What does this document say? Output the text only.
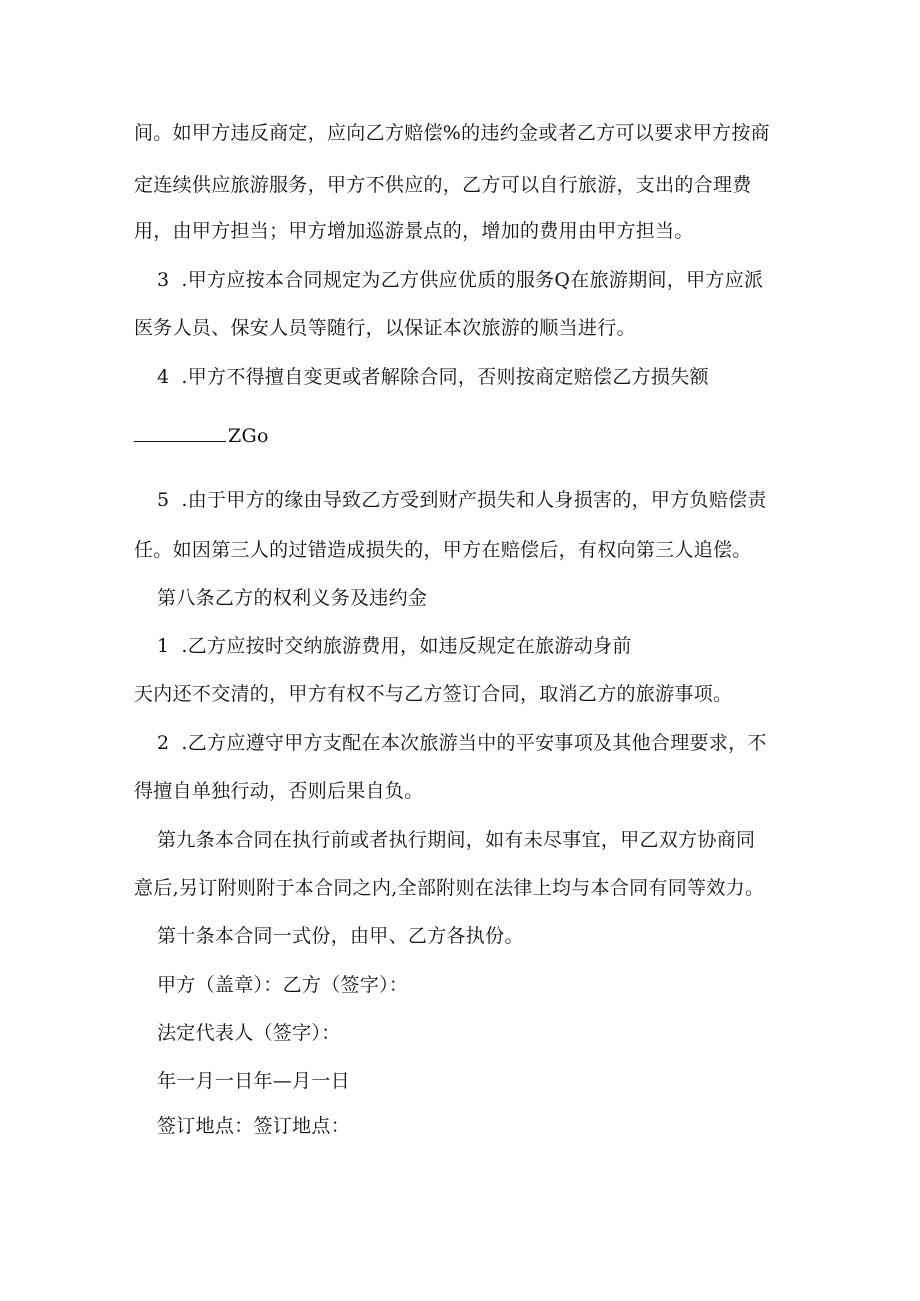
间。如甲方违反商定，应向乙方赔偿%的违约金或者乙方可以要求甲方按商
定连续供应旅游服务，甲方不供应的，乙方可以自行旅游，支出的合理费
用，由甲方担当；甲方增加巡游景点的，增加的费用由甲方担当。
3 .甲方应按本合同规定为乙方供应优质的服务Q在旅游期间，甲方应派
医务人员、保安人员等随行，以保证本次旅游的顺当进行。
4 .甲方不得擅自变更或者解除合同，否则按商定赔偿乙方损失额
ZGo
5 .由于甲方的缘由导致乙方受到财产损失和人身损害的，甲方负赔偿责
任。如因第三人的过错造成损失的，甲方在赔偿后，有权向第三人追偿。
第八条乙方的权利义务及违约金
1 .乙方应按时交纳旅游费用，如违反规定在旅游动身前
天内还不交清的，甲方有权不与乙方签订合同，取消乙方的旅游事项。
2 .乙方应遵守甲方支配在本次旅游当中的平安事项及其他合理要求，不
得擅自单独行动，否则后果自负。
第九条本合同在执行前或者执行期间，如有未尽事宜，甲乙双方协商同
意后,另订附则附于本合同之内,全部附则在法律上均与本合同有同等效力。
第十条本合同一式份，由甲、乙方各执份。
甲方（盖章）：乙方（签字）：
法定代表人（签字）：
年一月一日年—月一日
签订地点：签订地点：
